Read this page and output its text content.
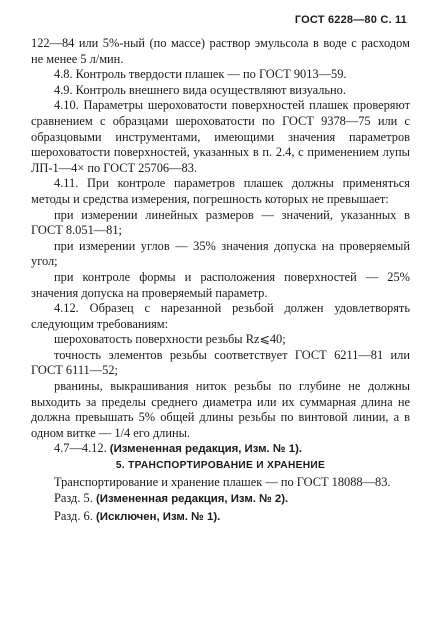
ГОСТ 6228—80 С. 11

122—84 или 5%-ный (по массе) раствор эмульсола в воде с расходом не менее 5 л/мин.

4.8. Контроль твердости плашек — по ГОСТ 9013—59.

4.9. Контроль внешнего вида осуществляют визуально.

4.10. Параметры шероховатости поверхностей плашек проверяют сравнением с образцами шероховатости по ГОСТ 9378—75 или с образцовыми инструментами, имеющими значения параметров шероховатости поверхностей, указанных в п. 2.4, с применением лупы ЛП-1—4× по ГОСТ 25706—83.

4.11. При контроле параметров плашек должны применяться методы и средства измерения, погрешность которых не превышает:

при измерении линейных размеров — значений, указанных в ГОСТ 8.051—81;

при измерении углов — 35% значения допуска на проверяемый угол;

при контроле формы и расположения поверхностей — 25% значения допуска на проверяемый параметр.

4.12. Образец с нарезанной резьбой должен удовлетворять следующим требованиям:

шероховатость поверхности резьбы Rz⩽40;

точность элементов резьбы соответствует ГОСТ 6211—81 или ГОСТ 6111—52;

рванины, выкрашивания ниток резьбы по глубине не должны выходить за пределы среднего диаметра или их суммарная длина не должна превышать 5% общей длины резьбы по винтовой линии, а в одном витке — 1/4 его длины.

4.7—4.12. (Измененная редакция, Изм. № 1).

5. ТРАНСПОРТИРОВАНИЕ И ХРАНЕНИЕ

Транспортирование и хранение плашек — по ГОСТ 18088—83.

Разд. 5. (Измененная редакция, Изм. № 2).

Разд. 6. (Исключен, Изм. № 1).
